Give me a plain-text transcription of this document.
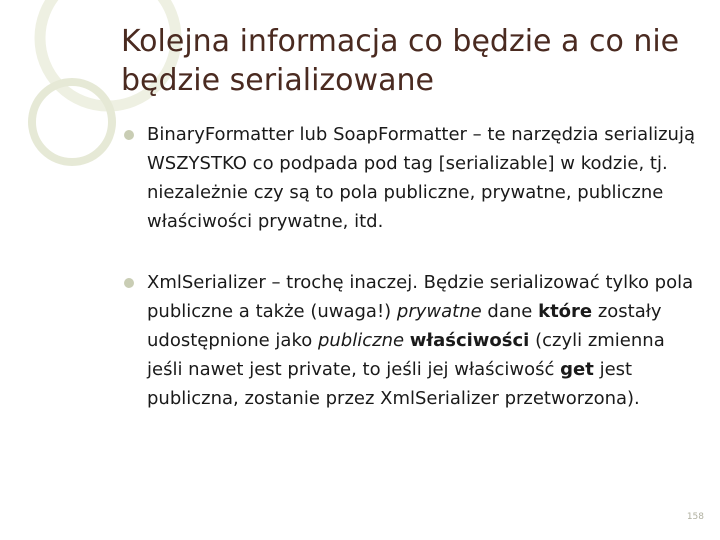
Kolejna informacja co będzie a co nie będzie serializowane
BinaryFormatter lub SoapFormatter – te narzędzia serializują WSZYSTKO co podpada pod tag [serializable] w kodzie, tj. niezależnie czy są to pola publiczne, prywatne, publiczne właściwości prywatne, itd.
XmlSerializer – trochę inaczej. Będzie serializować tylko pola publiczne a także (uwaga!) prywatne dane które zostały udostępnione jako publiczne właściwości (czyli zmienna jeśli nawet jest private, to jeśli jej właściwość get jest publiczna, zostanie przez XmlSerializer przetworzona).
158
